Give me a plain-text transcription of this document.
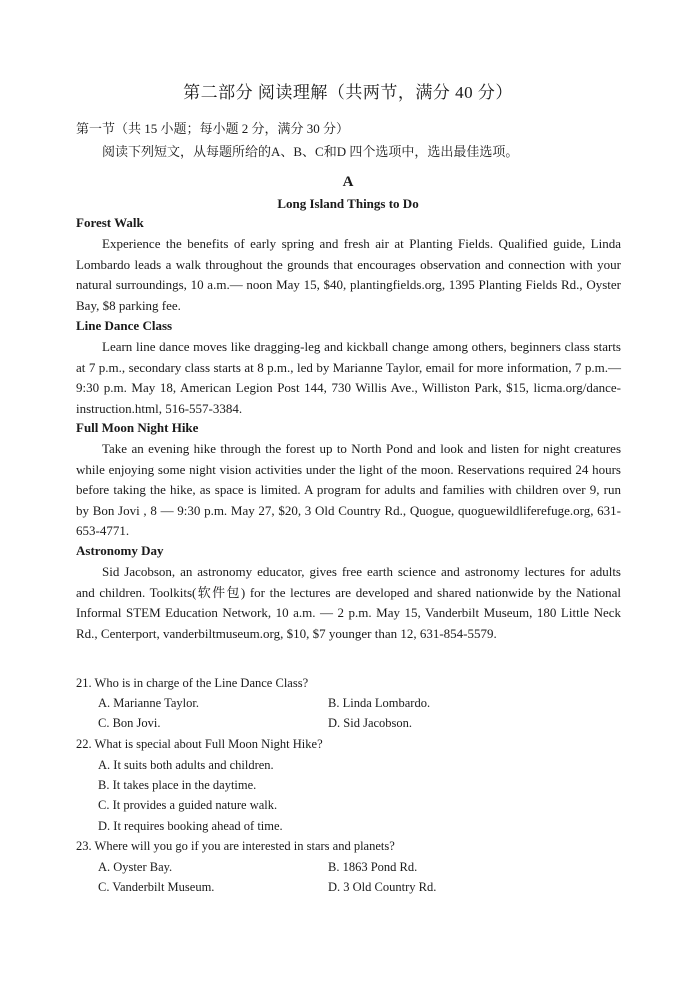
第二部分 阅读理解（共两节，满分 40 分）
第一节（共 15 小题；每小题 2 分，满分 30 分）
阅读下列短文，从每题所给的A、B、C和D 四个选项中，选出最佳选项。
A
Long Island Things to Do
Forest Walk
Experience the benefits of early spring and fresh air at Planting Fields. Qualified guide, Linda Lombardo leads a walk throughout the grounds that encourages observation and connection with your natural surroundings, 10 a.m.— noon May 15, $40, plantingfields.org, 1395 Planting Fields Rd., Oyster Bay, $8 parking fee.
Line Dance Class
Learn line dance moves like dragging-leg and kickball change among others, beginners class starts at 7 p.m., secondary class starts at 8 p.m., led by Marianne Taylor, email for more information, 7 p.m.— 9:30 p.m. May 18, American Legion Post 144, 730 Willis Ave., Williston Park, $15, licma.org/dance-instruction.html, 516-557-3384.
Full Moon Night Hike
Take an evening hike through the forest up to North Pond and look and listen for night creatures while enjoying some night vision activities under the light of the moon. Reservations required 24 hours before taking the hike, as space is limited. A program for adults and families with children over 9, run by Bon Jovi , 8 — 9:30 p.m. May 27, $20, 3 Old Country Rd., Quogue, quoguewildliferefuge.org, 631-653-4771.
Astronomy Day
Sid Jacobson, an astronomy educator, gives free earth science and astronomy lectures for adults and children. Toolkits(软件包) for the lectures are developed and shared nationwide by the National Informal STEM Education Network, 10 a.m. — 2 p.m. May 15, Vanderbilt Museum, 180 Little Neck Rd., Centerport, vanderbiltmuseum.org, $10, $7 younger than 12, 631-854-5579.
21. Who is in charge of the Line Dance Class?
A. Marianne Taylor.	B. Linda Lombardo.
C. Bon Jovi.	D. Sid Jacobson.
22. What is special about Full Moon Night Hike?
A. It suits both adults and children.
B. It takes place in the daytime.
C. It provides a guided nature walk.
D. It requires booking ahead of time.
23. Where will you go if you are interested in stars and planets?
A. Oyster Bay.	B. 1863 Pond Rd.
C. Vanderbilt Museum.	D. 3 Old Country Rd.
